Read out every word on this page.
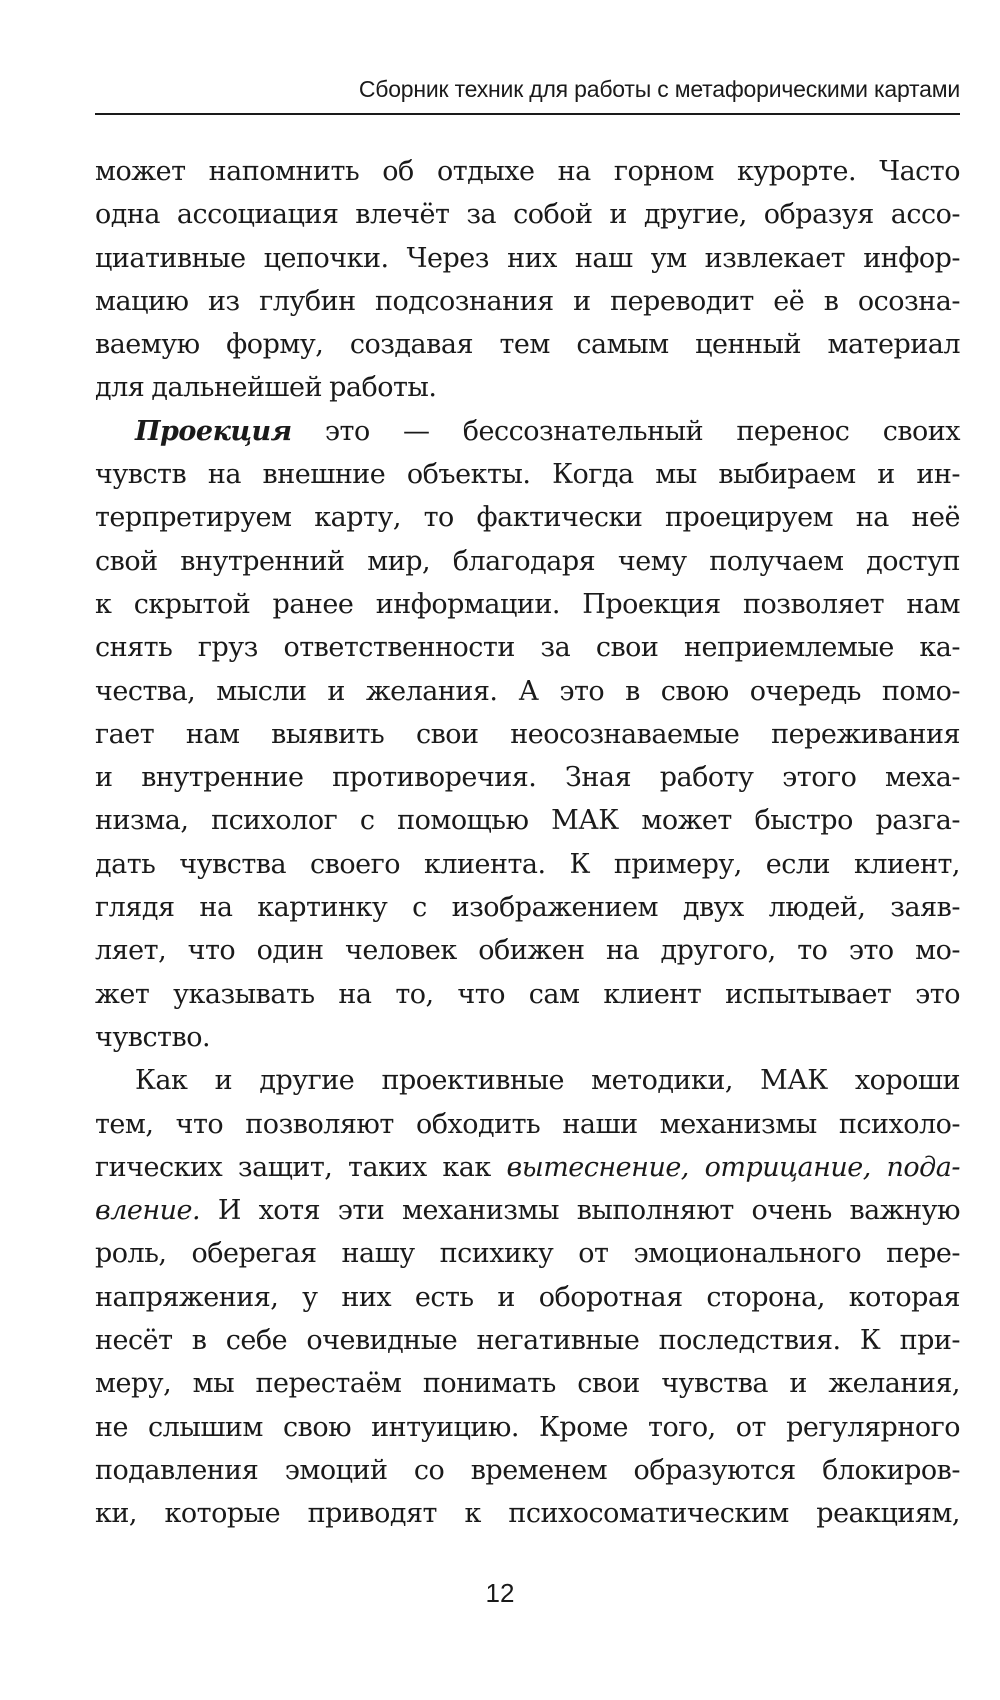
Сборник техник для работы с метафорическими картами
может напомнить об отдыхе на горном курорте. Часто
одна ассоциация влечёт за собой и другие, образуя ассо-
циативные цепочки. Через них наш ум извлекает инфор-
мацию из глубин подсознания и переводит её в осозна-
ваемую форму, создавая тем самым ценный материал
для дальнейшей работы.
Проекция это — бессознательный перенос своих
чувств на внешние объекты. Когда мы выбираем и ин-
терпретируем карту, то фактически проецируем на неё
свой внутренний мир, благодаря чему получаем доступ
к скрытой ранее информации. Проекция позволяет нам
снять груз ответственности за свои неприемлемые ка-
чества, мысли и желания. А это в свою очередь помо-
гает нам выявить свои неосознаваемые переживания
и внутренние противоречия. Зная работу этого меха-
низма, психолог с помощью МАК может быстро разга-
дать чувства своего клиента. К примеру, если клиент,
глядя на картинку с изображением двух людей, заяв-
ляет, что один человек обижен на другого, то это мо-
жет указывать на то, что сам клиент испытывает это
чувство.
Как и другие проективные методики, МАК хороши
тем, что позволяют обходить наши механизмы психоло-
гических защит, таких как вытеснение, отрицание, пода-
вление. И хотя эти механизмы выполняют очень важную
роль, оберегая нашу психику от эмоционального пере-
напряжения, у них есть и оборотная сторона, которая
несёт в себе очевидные негативные последствия. К при-
меру, мы перестаём понимать свои чувства и желания,
не слышим свою интуицию. Кроме того, от регулярного
подавления эмоций со временем образуются блокиров-
ки, которые приводят к психосоматическим реакциям,
12
